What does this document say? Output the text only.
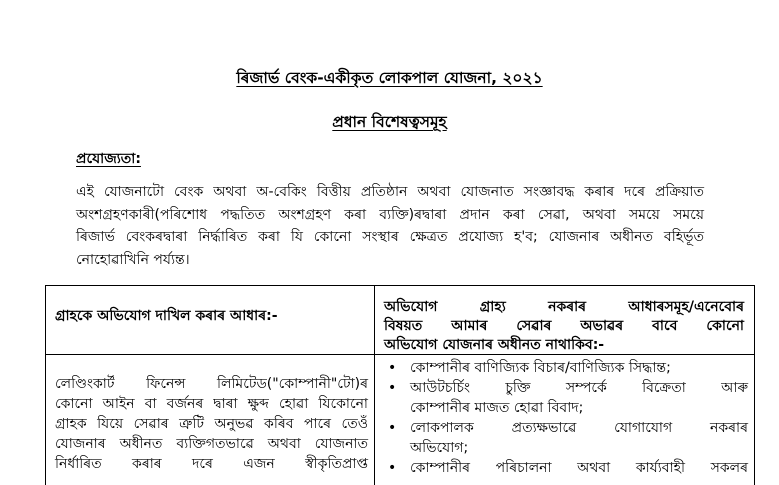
ৰিজাৰ্ভ বেংক-একীকৃত লোকপাল যোজনা, ২০২১
প্ৰধান বিশেষত্বসমূহ
প্ৰযোজ্যতা:
এই যোজনাটো বেংক অথবা অ-বেকিং বিত্তীয় প্ৰতিষ্ঠান অথবা যোজনাত সংজ্ঞাবদ্ধ কৰাৰ দৰে প্ৰক্ৰিয়াত
অংশগ্ৰহণকাৰী(পৰিশোধ পদ্ধতিত অংশগ্ৰহণ কৰা ব্যক্তি)ৰদ্বাৰা প্ৰদান কৰা সেৱা, অথবা সময়ে সময়ে
ৰিজাৰ্ভ বেংকৰদ্বাৰা নিৰ্দ্ধাৰিত কৰা যি কোনো সংস্থাৰ ক্ষেত্ৰত প্ৰযোজ্য হ'ব; যোজনাৰ অধীনত বহিৰ্ভূত
নোহোৱাখিনি পৰ্য্যন্ত।
গ্ৰাহকে অভিযোগ দাখিল কৰাৰ আধাৰ:-
অভিযোগ গ্ৰাহ্য নকৰাৰ আধাৰসমূহ/এনেবোৰ
বিষয়ত আমাৰ সেৱাৰ অভাৱৰ বাবে কোনো
অভিযোগ যোজনাৰ অধীনত নাথাকিব:-
লেণ্ডিংকাৰ্ট ফিনেন্স লিমিটেড("কোম্পানী"টো)ৰ
কোনো আইন বা বৰ্জনৰ দ্বাৰা ক্ষুব্দ হোৱা যিকোনো
গ্ৰাহক যিয়ে সেৱাৰ ত্ৰুটি অনুভৱ কৰিব পাৰে তেওঁ
যোজনাৰ অধীনত ব্যক্তিগতভাৱে অথবা যোজনাত
নিৰ্ধাৰিত কৰাৰ দৰে এজন স্বীকৃতিপ্ৰাপ্ত
• কোম্পানীৰ বাণিজ্যিক বিচাৰ/বাণিজ্যিক সিদ্ধান্ত;
• আউটচৰ্চিং চুক্তি সম্পৰ্কে বিক্ৰেতা আৰু
কোম্পানীৰ মাজত হোৱা বিবাদ;
• লোকপালক প্ৰত্যক্ষভাৱে যোগাযোগ নকৰাৰ
অভিযোগ;
• কোম্পানীৰ পৰিচালনা অথবা কাৰ্য্যবাহী সকলৰ
